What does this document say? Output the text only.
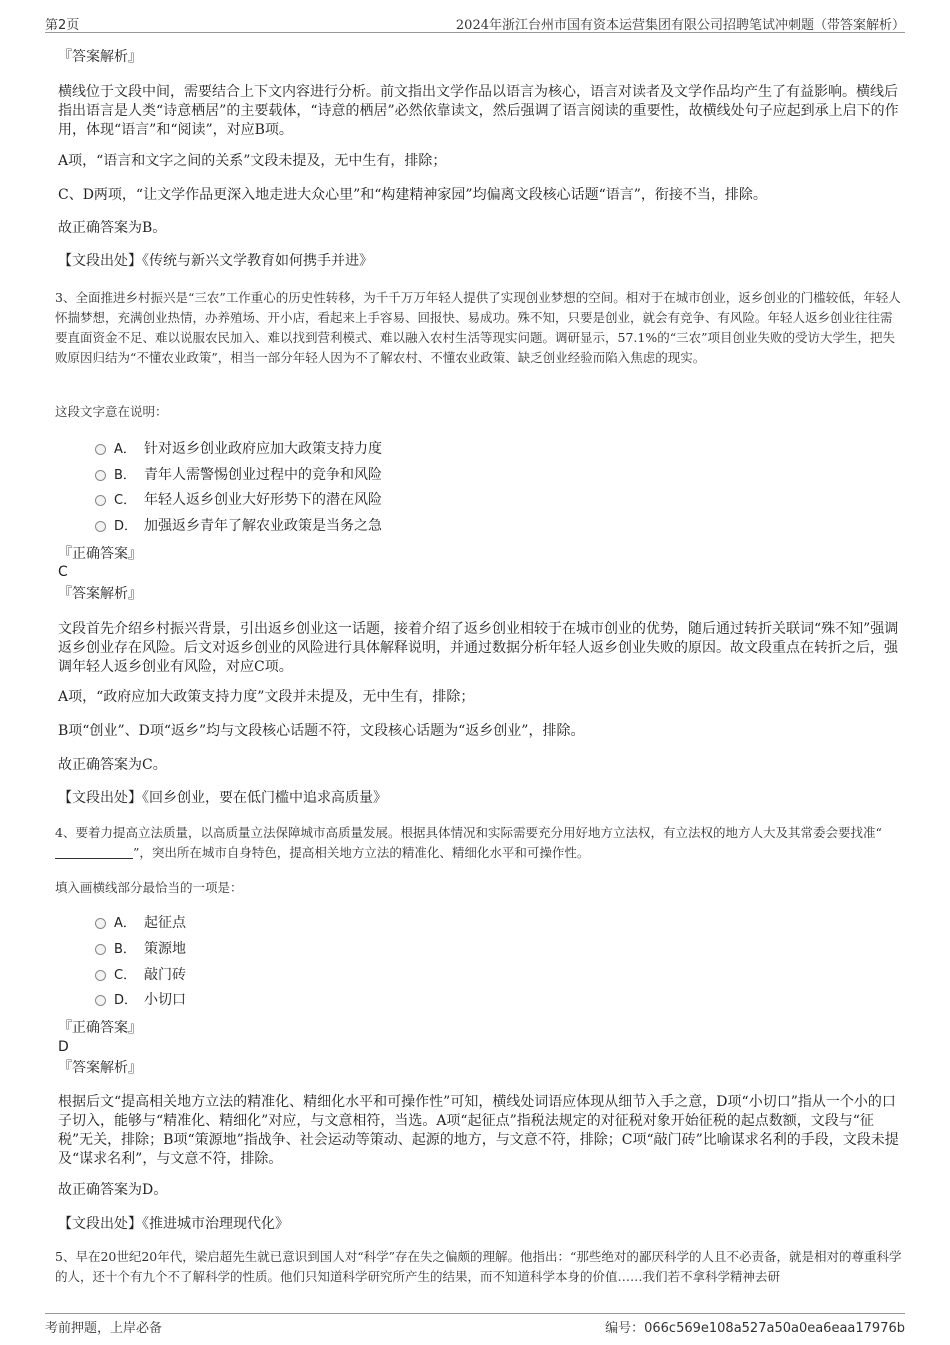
第2页	2024年浙江台州市国有资本运营集团有限公司招聘笔试冲刺题（带答案解析）
『答案解析』
横线位于文段中间，需要结合上下文内容进行分析。前文指出文学作品以语言为核心，语言对读者及文学作品均产生了有益影响。横线后指出语言是人类“诗意栖居”的主要载体，“诗意的栖居”必然依靠读文，然后强调了语言阅读的重要性，故横线处句子应起到承上启下的作用，体现“语言”和“阅读”，对应B项。
A项，“语言和文字之间的关系”文段未提及，无中生有，排除；
C、D两项，“让文学作品更深入地走进大众心里”和“构建精神家园”均偏离文段核心话题“语言”，衔接不当，排除。
故正确答案为B。
【文段出处】《传统与新兴文学教育如何携手并进》
3、全面推进乡村振兴是“三农”工作重心的历史性转移，为千千万万年轻人提供了实现创业梦想的空间。相对于在城市创业，返乡创业的门槛较低，年轻人怀揣梦想，充满创业热情，办养殖场、开小店，看起来上手容易、回报快、易成功。殊不知，只要是创业，就会有竞争、有风险。年轻人返乡创业往往需要直面资金不足、难以说服农民加入、难以找到营利模式、难以融入农村生活等现实问题。调研显示，57.1%的“三农”项目创业失败的受访大学生，把失败原因归结为“不懂农业政策”，相当一部分年轻人因为不了解农村、不懂农业政策、缺乏创业经验而陷入焦虑的现实。
这段文字意在说明：
A． 针对返乡创业政府应加大政策支持力度
B． 青年人需警惕创业过程中的竞争和风险
C． 年轻人返乡创业大好形势下的潜在风险
D． 加强返乡青年了解农业政策是当务之急
『正确答案』
C
『答案解析』
文段首先介绍乡村振兴背景，引出返乡创业这一话题，接着介绍了返乡创业相较于在城市创业的优势，随后通过转折关联词“殊不知”强调返乡创业存在风险。后文对返乡创业的风险进行具体解释说明，并通过数据分析年轻人返乡创业失败的原因。故文段重点在转折之后，强调年轻人返乡创业有风险，对应C项。
A项，“政府应加大政策支持力度”文段并未提及，无中生有，排除；
B项“创业”、D项“返乡”均与文段核心话题不符，文段核心话题为“返乡创业”，排除。
故正确答案为C。
【文段出处】《回乡创业，要在低门槛中追求高质量》
4、要着力提高立法质量，以高质量立法保障城市高质量发展。根据具体情况和实际需要充分用好地方立法权，有立法权的地方人大及其常委会要找准“”，突出所在城市自身特色，提高相关地方立法的精准化、精细化水平和可操作性。
填入画横线部分最恰当的一项是：
A． 起征点
B． 策源地
C． 敲门砖
D． 小切口
『正确答案』
D
『答案解析』
根据后文“提高相关地方立法的精准化、精细化水平和可操作性”可知，横线处词语应体现从细节入手之意，D项“小切口”指从一个小的口子切入，能够与“精准化、精细化”对应，与文意相符，当选。A项“起征点”指税法规定的对征税对象开始征税的起点数额，文段与“征税”无关，排除；B项“策源地”指战争、社会运动等策动、起源的地方，与文意不符，排除；C项“敲门砖”比喻谋求名利的手段，文段未提及“谋求名利”，与文意不符，排除。
故正确答案为D。
【文段出处】《推进城市治理现代化》
5、早在20世纪20年代，梁启超先生就已意识到国人对“科学”存在失之偏颇的理解。他指出：“那些绝对的鄙厌科学的人且不必责备，就是相对的尊重科学的人，还十个有九个不了解科学的性质。他们只知道科学研究所产生的结果，而不知道科学本身的价值……我们若不拿科学精神去研
考前押题，上岸必备	编号：066c569e108a527a50a0ea6eaa17976b
